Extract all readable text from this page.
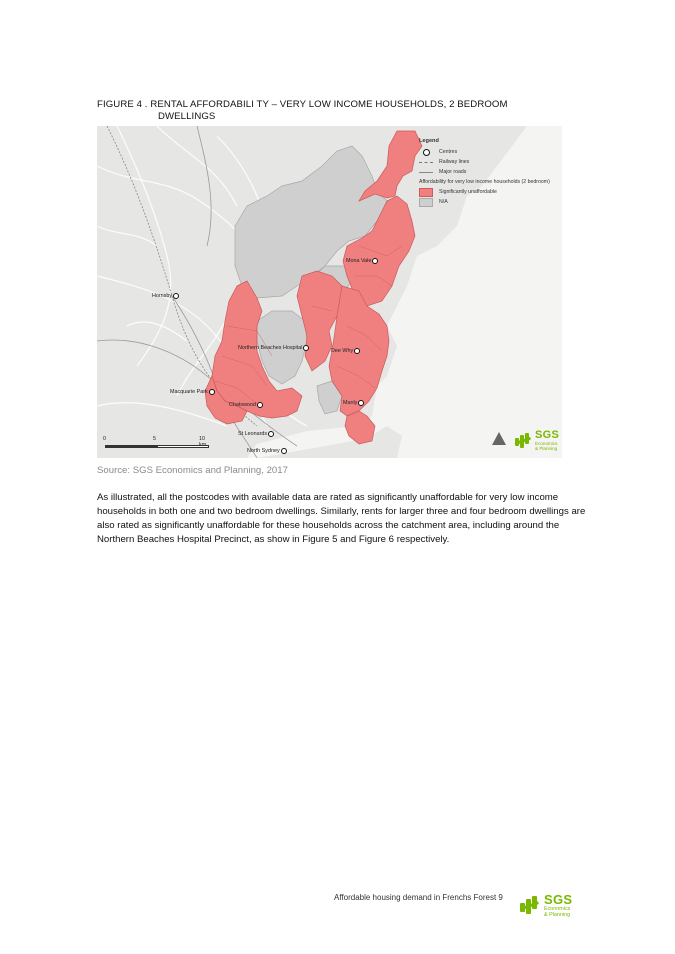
FIGURE 4 . RENTAL AFFORDABILI TY – VERY LOW INCOME HOUSEHOLDS, 2 BEDROOM
DWELLINGS
Legend
Centres
Railway lines
Major roads
Affordability for very low income households (2 bedroom)
Significantly unaffordable
N/A
Mona Vale
Hornsby
Northern Beaches Hospital	Dee Why
Macquarie Park
Chatswood	Manly
St Leonards
North Sydney
0	5	10	SGS
Economics
& Planning
Source: SGS Economics and Planning, 2017

As illustrated, all the postcodes with available data are rated as significantly unaffordable for very low income households in both one and two bedroom dwellings. Similarly, rents for larger three and four bedroom dwellings are also rated as significantly unaffordable for these households across the catchment area, including around the Northern Beaches Hospital Precinct, as show in Figure 5 and Figure 6 respectively.

Affordable housing demand in Frenchs Forest 9	SGS
Economics
& Planning
